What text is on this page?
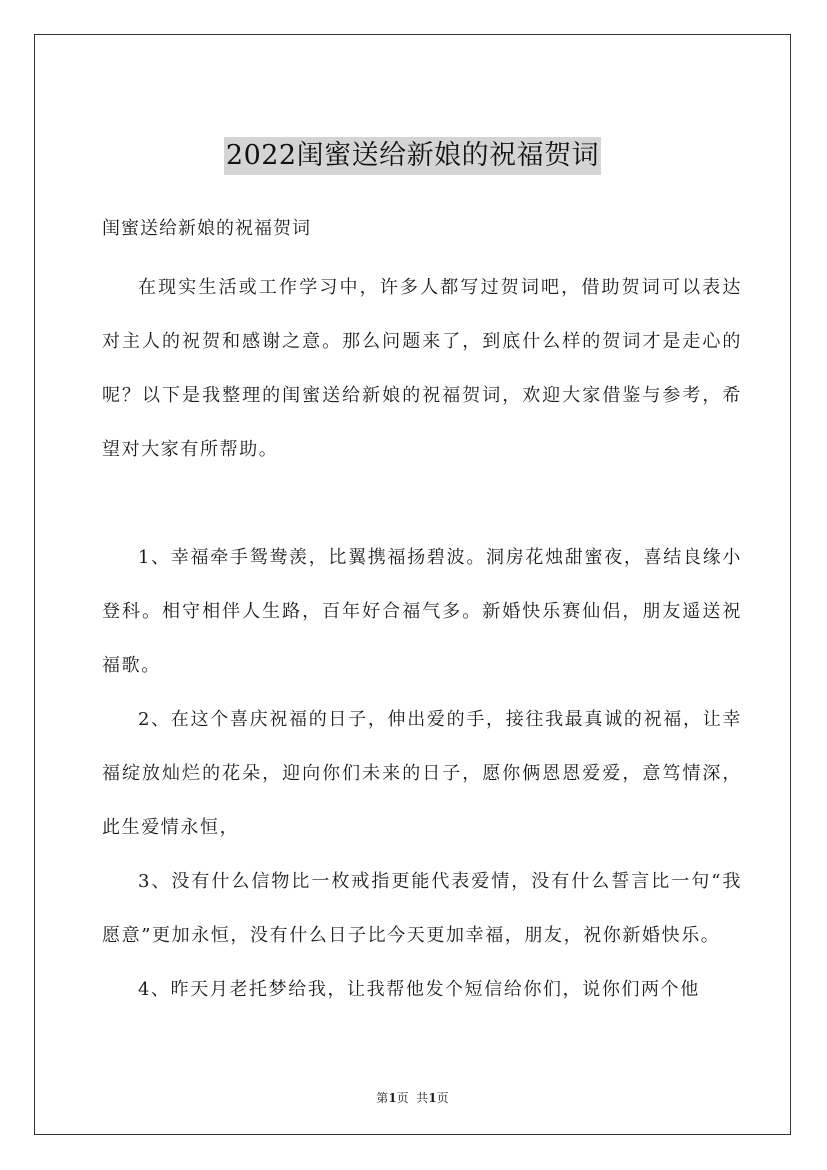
2022闺蜜送给新娘的祝福贺词

闺蜜送给新娘的祝福贺词

在现实生活或工作学习中，许多人都写过贺词吧，借助贺词可以表达对主人的祝贺和感谢之意。那么问题来了，到底什么样的贺词才是走心的呢？以下是我整理的闺蜜送给新娘的祝福贺词，欢迎大家借鉴与参考，希望对大家有所帮助。

1、幸福牵手鸳鸯羡，比翼携福扬碧波。洞房花烛甜蜜夜，喜结良缘小登科。相守相伴人生路，百年好合福气多。新婚快乐赛仙侣，朋友遥送祝福歌。

2、在这个喜庆祝福的日子，伸出爱的手，接往我最真诚的祝福，让幸福绽放灿烂的花朵，迎向你们未来的日子，愿你俩恩恩爱爱，意笃情深，此生爱情永恒，

3、没有什么信物比一枚戒指更能代表爱情，没有什么誓言比一句“我愿意”更加永恒，没有什么日子比今天更加幸福，朋友，祝你新婚快乐。

4、昨天月老托梦给我，让我帮他发个短信给你们，说你们两个他

第1页  共1页
